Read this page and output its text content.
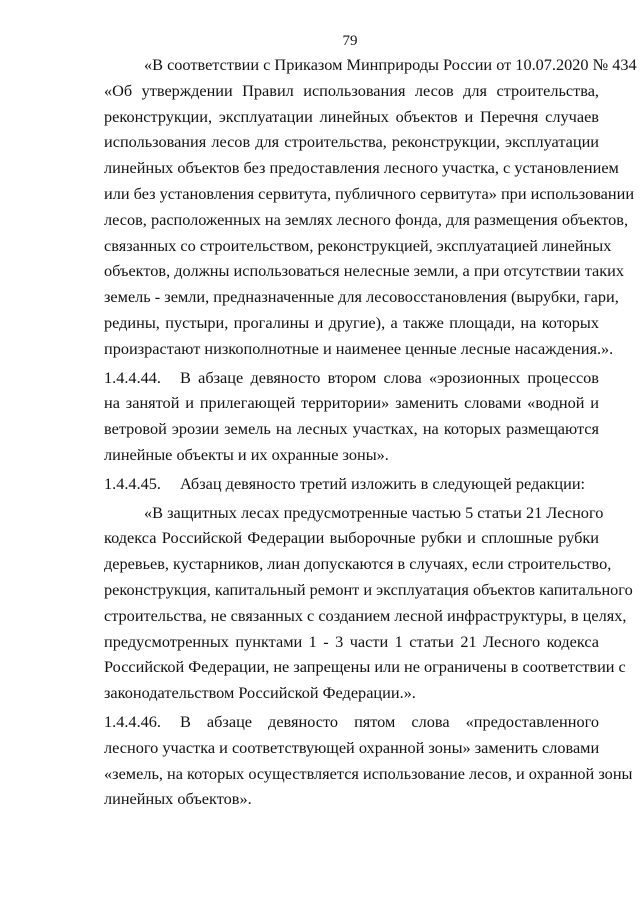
79
«В соответствии с Приказом Минприроды России от 10.07.2020 № 434
«Об утверждении Правил использования лесов для строительства,
реконструкции, эксплуатации линейных объектов и Перечня случаев
использования лесов для строительства, реконструкции, эксплуатации
линейных объектов без предоставления лесного участка, с установлением
или без установления сервитута, публичного сервитута» при использовании
лесов, расположенных на землях лесного фонда, для размещения объектов,
связанных со строительством, реконструкцией, эксплуатацией линейных
объектов, должны использоваться нелесные земли, а при отсутствии таких
земель - земли, предназначенные для лесовосстановления (вырубки, гари,
редины, пустыри, прогалины и другие), а также площади, на которых
произрастают низкополнотные и наименее ценные лесные насаждения.».
1.4.4.44.	В абзаце девяносто втором слова «эрозионных процессов
на занятой и прилегающей территории» заменить словами «водной и
ветровой эрозии земель на лесных участках, на которых размещаются
линейные объекты и их охранные зоны».
1.4.4.45.	Абзац девяносто третий изложить в следующей редакции:
«В защитных лесах предусмотренные частью 5 статьи 21 Лесного
кодекса Российской Федерации выборочные рубки и сплошные рубки
деревьев, кустарников, лиан допускаются в случаях, если строительство,
реконструкция, капитальный ремонт и эксплуатация объектов капитального
строительства, не связанных с созданием лесной инфраструктуры, в целях,
предусмотренных пунктами 1 - 3 части 1 статьи 21 Лесного кодекса
Российской Федерации, не запрещены или не ограничены в соответствии с
законодательством Российской Федерации.».
1.4.4.46.	В абзаце девяносто пятом слова «предоставленного
лесного участка и соответствующей охранной зоны» заменить словами
«земель, на которых осуществляется использование лесов, и охранной зоны
линейных объектов».
